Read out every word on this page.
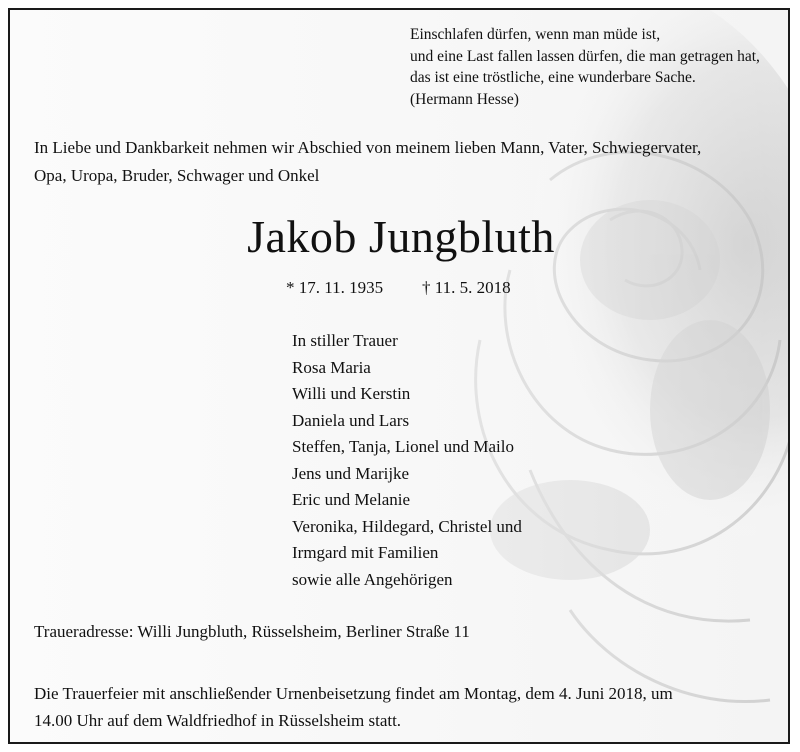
Einschlafen dürfen, wenn man müde ist,
und eine Last fallen lassen dürfen, die man getragen hat,
das ist eine tröstliche, eine wunderbare Sache.
(Hermann Hesse)
In Liebe und Dankbarkeit nehmen wir Abschied von meinem lieben Mann, Vater, Schwiegervater,
Opa, Uropa, Bruder, Schwager und Onkel
Jakob Jungbluth
* 17. 11. 1935 † 11. 5. 2018
In stiller Trauer
Rosa Maria
Willi und Kerstin
Daniela und Lars
Steffen, Tanja, Lionel und Mailo
Jens und Marijke
Eric und Melanie
Veronika, Hildegard, Christel und
Irmgard mit Familien
sowie alle Angehörigen
Traueradresse: Willi Jungbluth, Rüsselsheim, Berliner Straße 11
Die Trauerfeier mit anschließender Urnenbeisetzung findet am Montag, dem 4. Juni 2018, um
14.00 Uhr auf dem Waldfriedhof in Rüsselsheim statt.
